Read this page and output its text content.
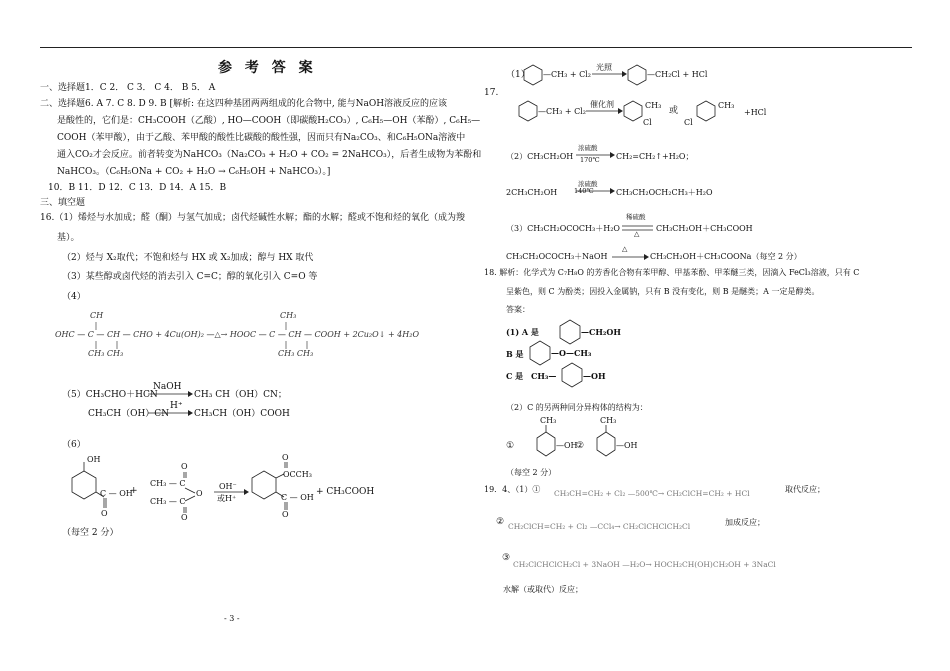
参 考 答 案
一、选择题1．C 2． C 3． C 4． B 5． A
二、选择题6. A 7. C 8. D 9. B [解析: 在这四种基团两两组成的化合物中, 能与NaOH溶液反应的应该
是酸性的，它们是：CH₃COOH（乙酸）, HO—COOH（即碳酸H₂CO₃）, C₆H₅—OH（苯酚）, C₆H₅—
COOH（苯甲酸），由于乙酸、苯甲酸的酸性比碳酸的酸性强，因而只有Na₂CO₃、和C₆H₅ONa溶液中
通入CO₂才会反应。前者转变为NaHCO₃（Na₂CO₃ + H₂O + CO₂ = 2NaHCO₃），后者生成物为苯酚和
NaHCO₃。（C₆H₅ONa + CO₂ + H₂O → C₆H₅OH + NaHCO₃）。]
10．B 11．D 12．C 13．D 14．A 15．B
三、填空题
16.（1）烯烃与水加成；醛（酮）与氢气加成；卤代烃碱性水解；酯的水解；醛或不饱和烃的氧化（成为羧
基）。
（2）烃与 X₂取代；不饱和烃与 HX 或 X₂加成；醇与 HX 取代
（3）某些醇或卤代烃的消去引入 C=C；醇的氧化引入 C=O 等
（4）
CH	CH₃
OHC — C — CH — CHO + 4Cu(OH)₂ —△→ HOOC — C — CH — COOH + 2Cu₂O↓ + 4H₂O
CH₃ CH₃	CH₃ CH₃
（5）CH₃CHO＋HCN
NaOH
CH₃ CH（OH）CN；
CH₃CH（OH）CN
H⁺
CH₃CH（OH）COOH
（6）
OH
C — OH
O
+
O
CH₃ — C
O
CH₃ — C
O
OH⁻
或H⁺
O
OCCH₃
C — OH
O
+ CH₃COOH
（每空 2 分）
- 3 -
（1）
17.
—CH₃ + Cl₂
光照
—CH₂Cl + HCl
—CH₃ + Cl₂
催化剂	CH₃
Cl
或
Cl
CH₃
+HCl
（2）CH₃CH₂OH
浓硫酸
170℃ CH₂=CH₂↑+H₂O；
2CH₃CH₂OH
浓硫酸
140℃	CH₃CH₂OCH₂CH₃＋H₂O
（3）CH₃CH₂OCOCH₃＋H₂O
稀硫酸
△
CH₃CH₂OH＋CH₃COOH
CH₃CH₂OCOCH₃＋NaOH
△
CH₃CH₂OH＋CH₃COONa（每空 2 分）
18. 解析：化学式为 C₇H₈O 的芳香化合物有苯甲醇、甲基苯酚、甲苯醚三类，因滴入 FeCl₃溶液，只有 C
呈紫色，则 C 为酚类；因投入金属钠，只有 B 没有变化，则 B 是醚类；A 一定是醇类。
答案：
(1) A 是	—CH₂OH
B 是	—O—CH₃
C 是 CH₃—	—OH
（2）C 的另两种同分异构体的结构为：
①
CH₃
—OH
②
CH₃
—OH
（每空 2 分）
19．4、（1）① CH₃CH=CH₂ + Cl₂ —500℃→ CH₂ClCH=CH₂ + HCl	取代反应；
② CH₂ClCH=CH₂ + Cl₂ —CCl₄→ CH₂ClCHClCH₂Cl	加成反应；
③
CH₂ClCHClCH₂Cl + 3NaOH —H₂O→ HOCH₂CH(OH)CH₂OH + 3NaCl
水解（或取代）反应；
